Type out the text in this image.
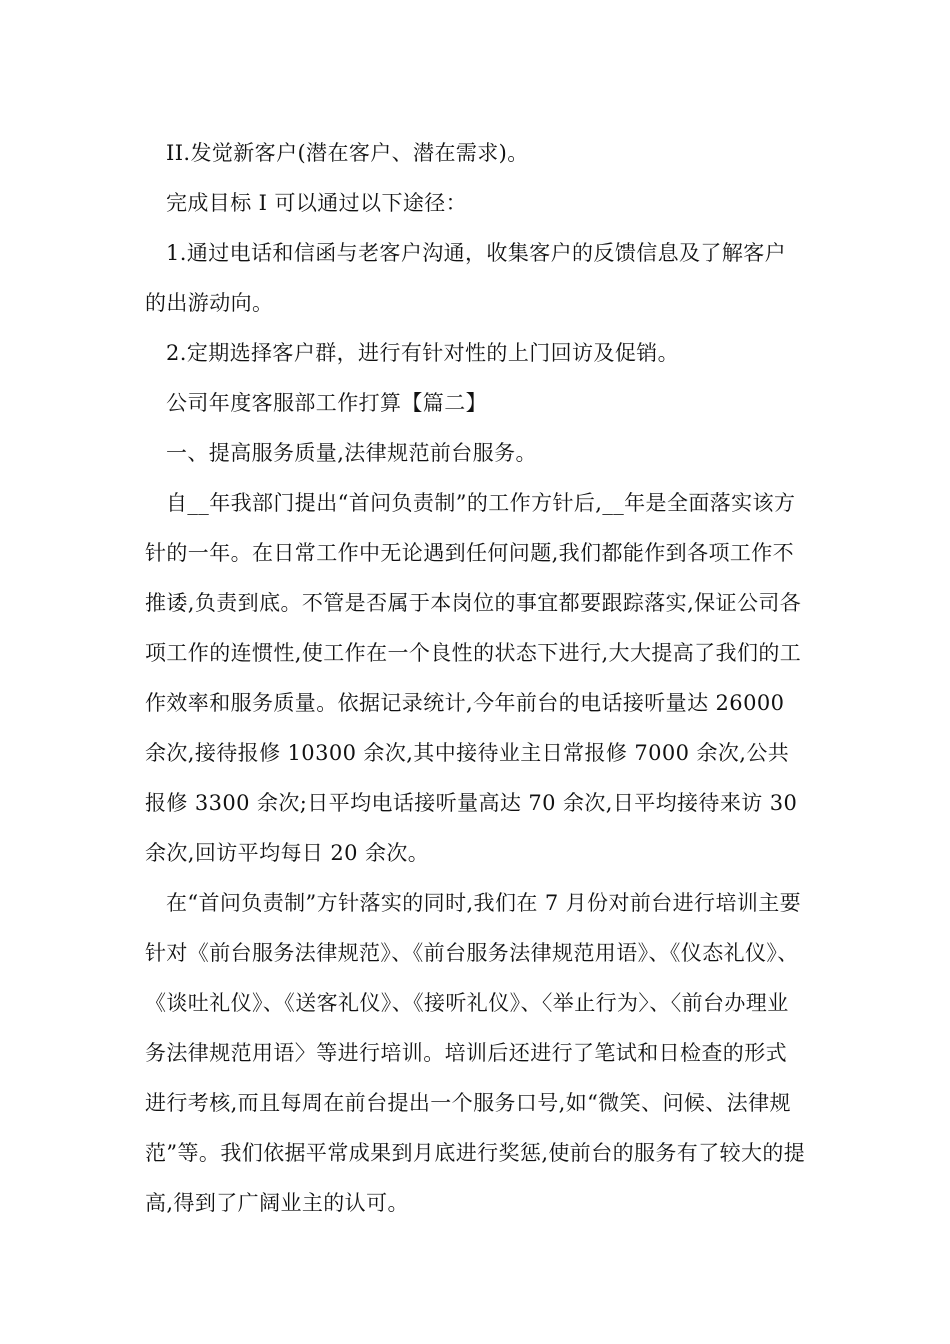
II.发觉新客户(潜在客户、潜在需求)。

完成目标 I 可以通过以下途径：

1.通过电话和信函与老客户沟通，收集客户的反馈信息及了解客户的出游动向。

2.定期选择客户群，进行有针对性的上门回访及促销。

公司年度客服部工作打算【篇二】

一、提高服务质量,法律规范前台服务。

自__年我部门提出“首问负责制”的工作方针后,__年是全面落实该方针的一年。在日常工作中无论遇到任何问题,我们都能作到各项工作不推诿,负责到底。不管是否属于本岗位的事宜都要跟踪落实,保证公司各项工作的连惯性,使工作在一个良性的状态下进行,大大提高了我们的工作效率和服务质量。依据记录统计,今年前台的电话接听量达 26000 余次,接待报修 10300 余次,其中接待业主日常报修 7000 余次,公共报修 3300 余次;日平均电话接听量高达 70 余次,日平均接待来访 30 余次,回访平均每日 20 余次。

在“首问负责制”方针落实的同时,我们在 7 月份对前台进行培训主要针对《前台服务法律规范》、《前台服务法律规范用语》、《仪态礼仪》、《谈吐礼仪》、《送客礼仪》、《接听礼仪》、〈举止行为〉、〈前台办理业务法律规范用语〉等进行培训。培训后还进行了笔试和日检查的形式进行考核,而且每周在前台提出一个服务口号,如“微笑、问候、法律规范”等。我们依据平常成果到月底进行奖惩,使前台的服务有了较大的提高,得到了广阔业主的认可。
